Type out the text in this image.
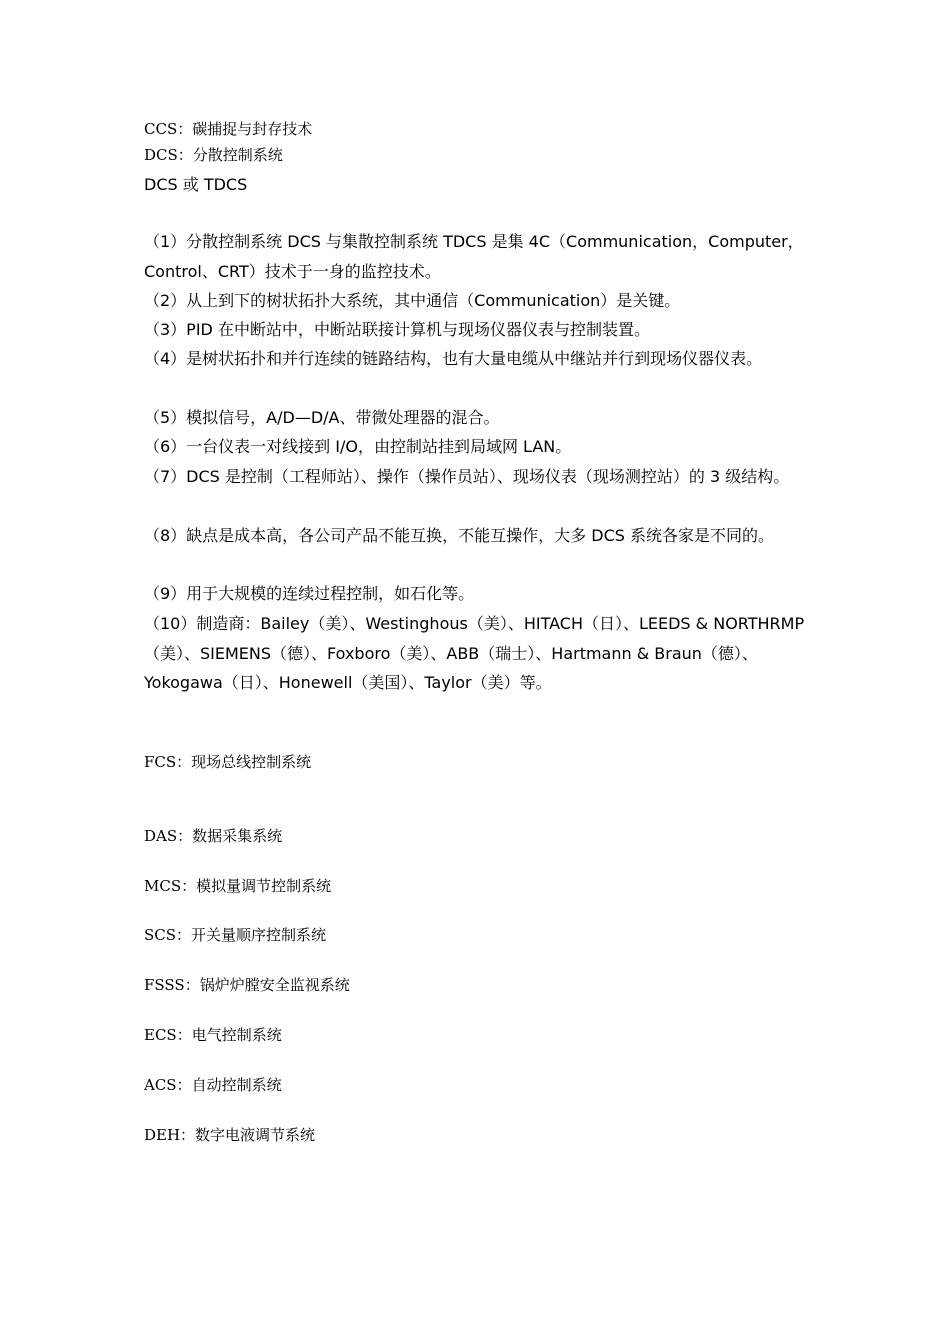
CCS：碳捕捉与封存技术
DCS：分散控制系统
DCS 或 TDCS

（1）分散控制系统 DCS 与集散控制系统 TDCS 是集 4C（Communication，Computer， Control、CRT）技术于一身的监控技术。

（2）从上到下的树状拓扑大系统，其中通信（Communication）是关键。

（3）PID 在中断站中，中断站联接计算机与现场仪器仪表与控制装置。

（4）是树状拓扑和并行连续的链路结构，也有大量电缆从中继站并行到现场仪器仪表。

（5）模拟信号，A/D—D/A、带微处理器的混合。

（6）一台仪表一对线接到 I/O，由控制站挂到局域网 LAN。

（7）DCS 是控制（工程师站）、操作（操作员站）、现场仪表（现场测控站）的 3 级结构。

（8）缺点是成本高，各公司产品不能互换，不能互操作，大多 DCS 系统各家是不同的。

（9）用于大规模的连续过程控制，如石化等。

（10）制造商：Bailey（美）、Westinghous（美）、HITACH（日）、LEEDS & NORTHRMP（美）、SIEMENS（德）、Foxboro（美）、ABB（瑞士）、Hartmann & Braun（德）、Yokogawa（日）、Honewell（美国）、Taylor（美）等。

FCS：现场总线控制系统
DAS：数据采集系统
MCS：模拟量调节控制系统
SCS：开关量顺序控制系统
FSSS：锅炉炉膛安全监视系统
ECS：电气控制系统
ACS：自动控制系统
DEH：数字电液调节系统
